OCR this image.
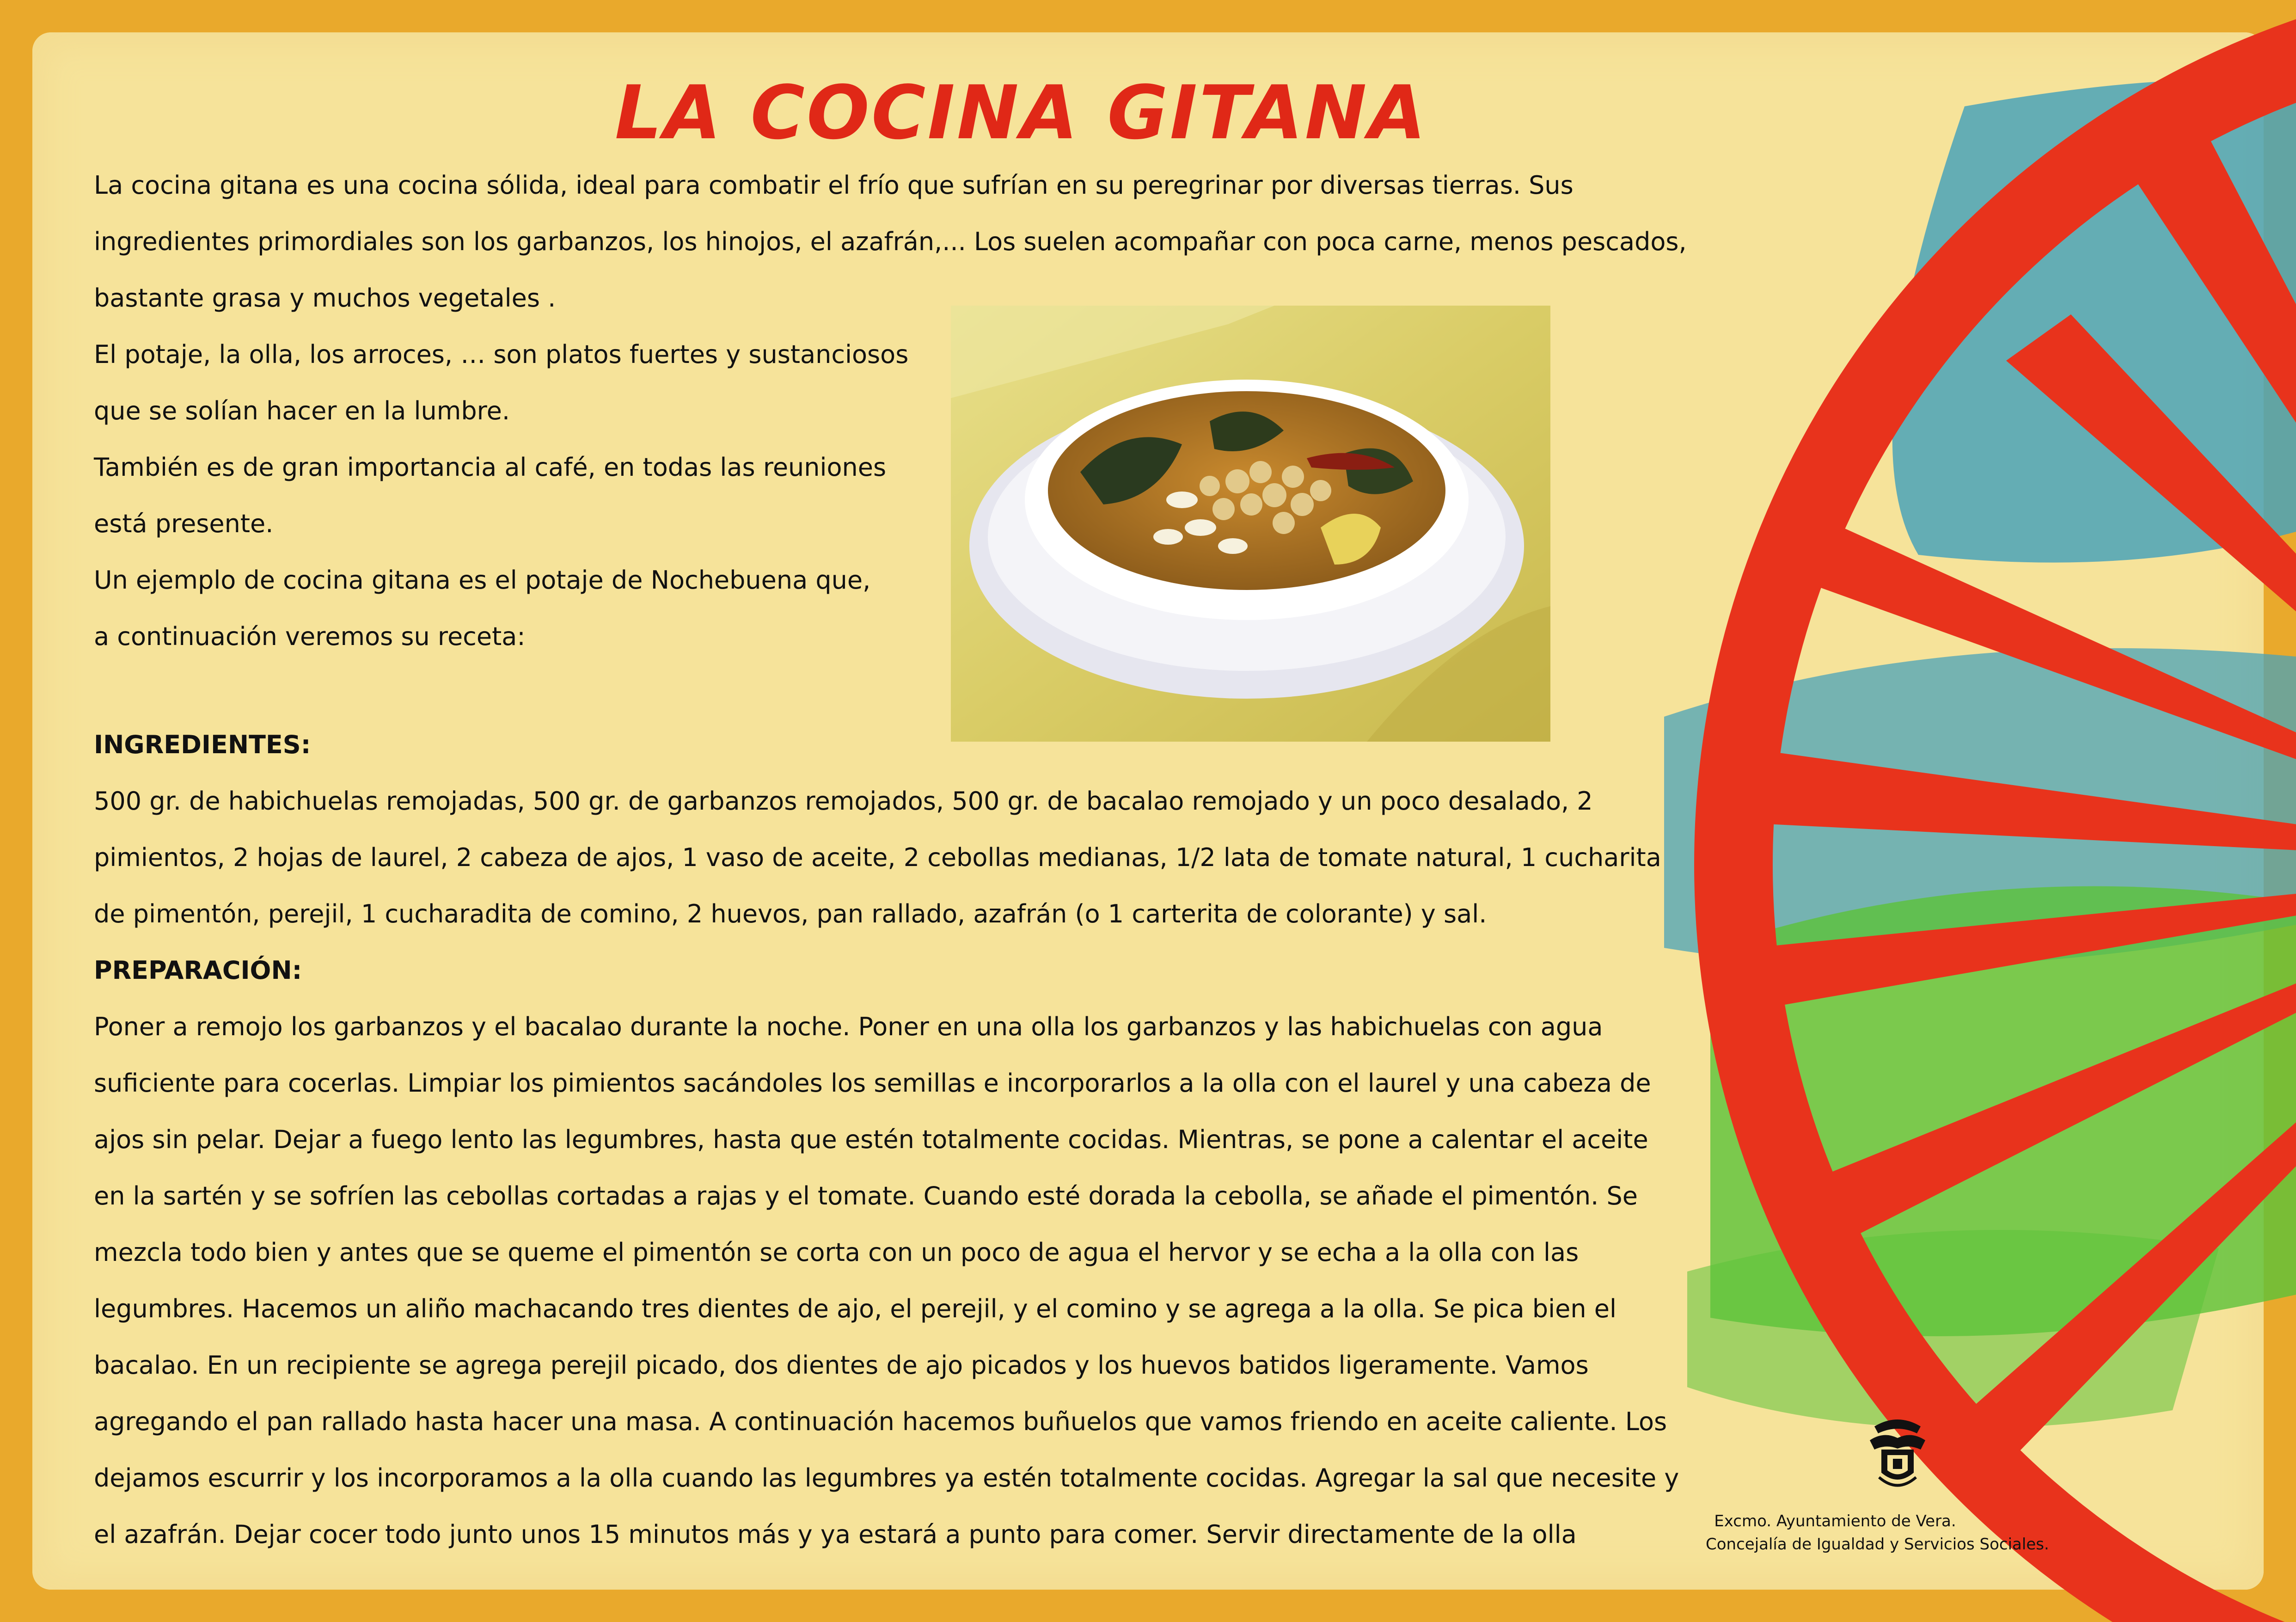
LA COCINA GITANA

La cocina gitana es una cocina sólida, ideal para combatir el frío que sufrían en su peregrinar por diversas tierras. Sus

ingredientes primordiales son los garbanzos, los hinojos, el azafrán,... Los suelen acompañar con poca carne, menos pescados,

bastante grasa y muchos vegetales .

El potaje, la olla, los arroces, … son platos fuertes y sustanciosos

que se solían hacer en la lumbre.

También es de gran importancia al café, en todas las reuniones

está presente.

Un ejemplo de cocina gitana es el potaje de Nochebuena que,

a continuación veremos su receta:

INGREDIENTES:

500 gr. de habichuelas remojadas, 500 gr. de garbanzos remojados, 500 gr. de bacalao remojado y un poco desalado, 2

pimientos, 2 hojas de laurel, 2 cabeza de ajos, 1 vaso de aceite, 2 cebollas medianas, 1/2 lata de tomate natural, 1 cucharita

de pimentón, perejil, 1 cucharadita de comino, 2 huevos, pan rallado, azafrán (o 1 carterita de colorante) y sal.

PREPARACIÓN:

Poner a remojo los garbanzos y el bacalao durante la noche. Poner en una olla los garbanzos y las habichuelas con agua

suficiente para cocerlas. Limpiar los pimientos sacándoles los semillas e incorporarlos a la olla con el laurel y una cabeza de

ajos sin pelar. Dejar a fuego lento las legumbres, hasta que estén totalmente cocidas. Mientras, se pone a calentar el aceite

en la sartén y se sofríen las cebollas cortadas a rajas y el tomate. Cuando esté dorada la cebolla, se añade el pimentón. Se

mezcla todo bien y antes que se queme el pimentón se corta con un poco de agua el hervor y se echa a la olla con las

legumbres. Hacemos un aliño machacando tres dientes de ajo, el perejil, y el comino y se agrega a la olla. Se pica bien el

bacalao. En un recipiente se agrega perejil picado, dos dientes de ajo picados y los huevos batidos ligeramente. Vamos

agregando el pan rallado hasta hacer una masa. A continuación hacemos buñuelos que vamos friendo en aceite caliente. Los

dejamos escurrir y los incorporamos a la olla cuando las legumbres ya estén totalmente cocidas. Agregar la sal que necesite y

el azafrán. Dejar cocer todo junto unos 15 minutos más y ya estará a punto para comer. Servir directamente de la olla	Excmo. Ayuntamiento de Vera.
Concejalía de Igualdad y Servicios Sociales.
